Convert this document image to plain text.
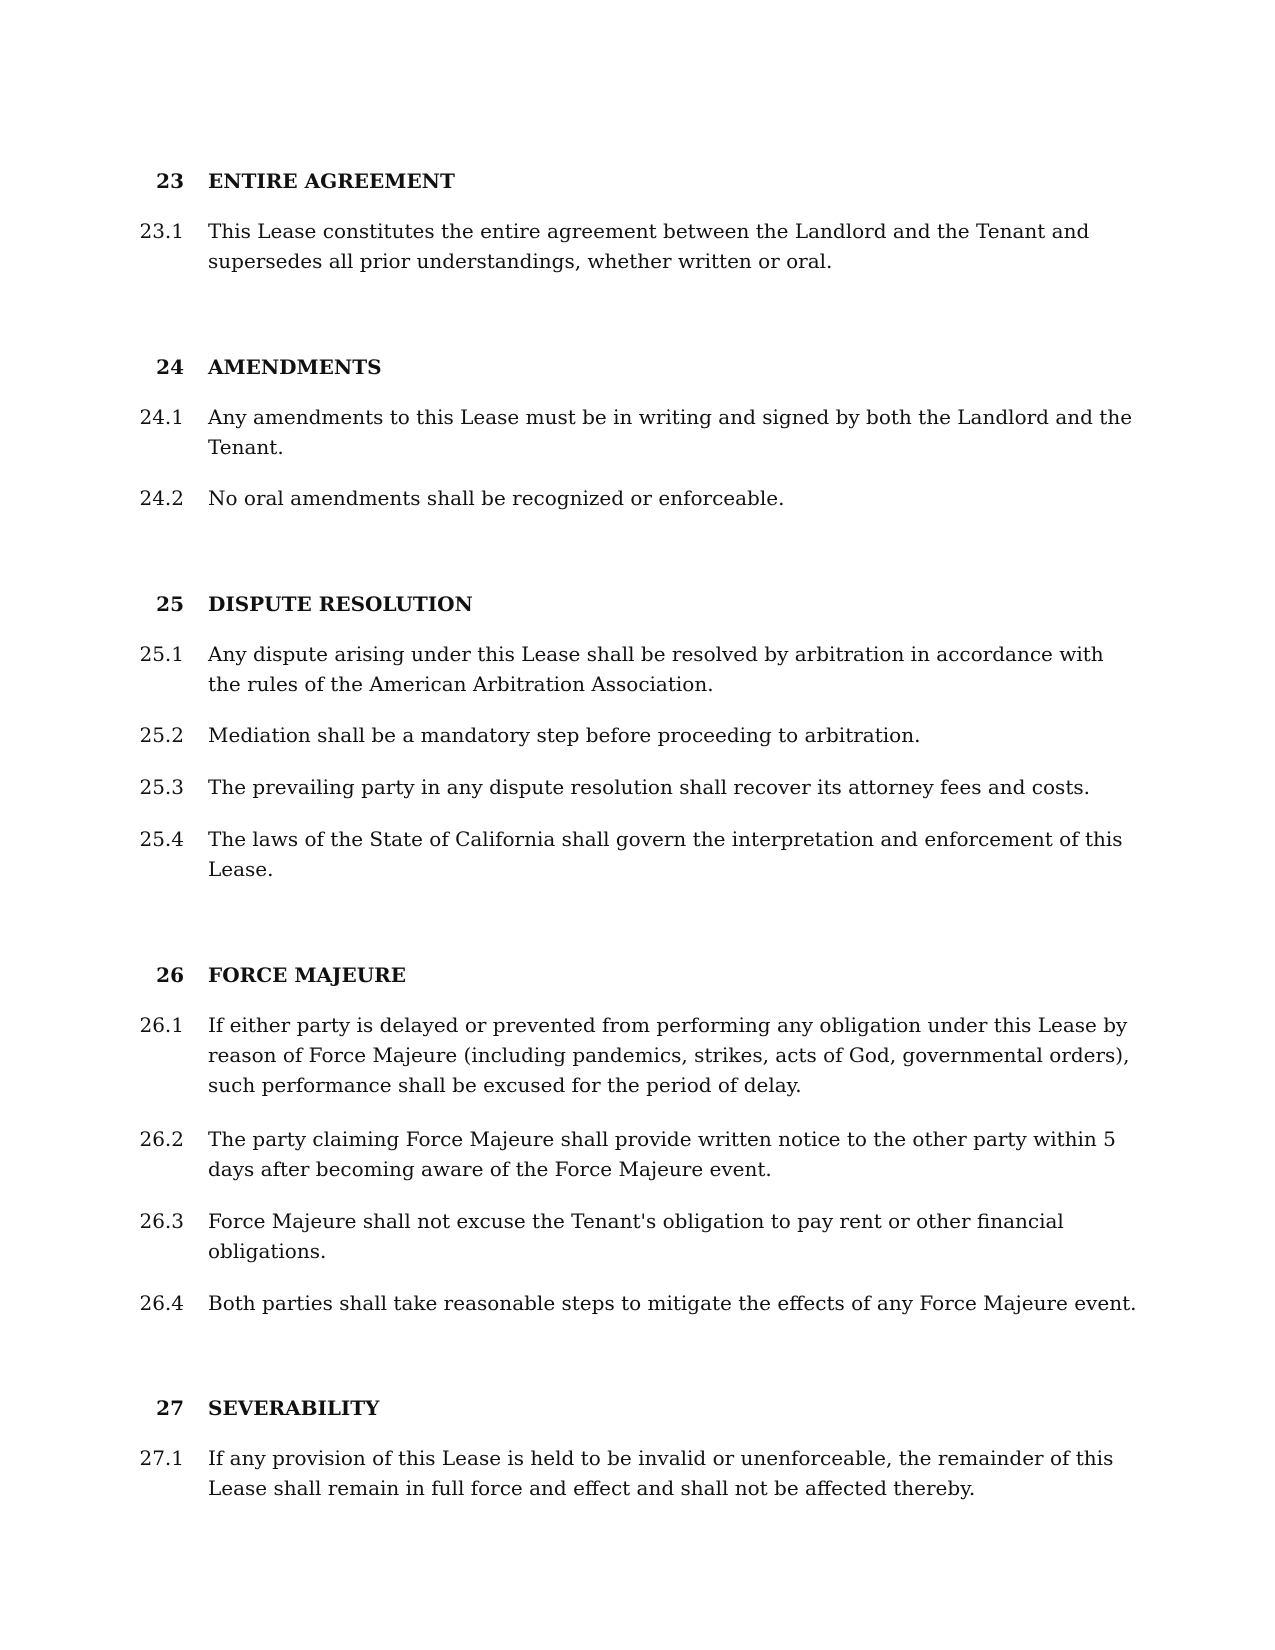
23 ENTIRE AGREEMENT
23.1 This Lease constitutes the entire agreement between the Landlord and the Tenant and supersedes all prior understandings, whether written or oral.
24 AMENDMENTS
24.1 Any amendments to this Lease must be in writing and signed by both the Landlord and the Tenant.
24.2 No oral amendments shall be recognized or enforceable.
25 DISPUTE RESOLUTION
25.1 Any dispute arising under this Lease shall be resolved by arbitration in accordance with the rules of the American Arbitration Association.
25.2 Mediation shall be a mandatory step before proceeding to arbitration.
25.3 The prevailing party in any dispute resolution shall recover its attorney fees and costs.
25.4 The laws of the State of California shall govern the interpretation and enforcement of this Lease.
26 FORCE MAJEURE
26.1 If either party is delayed or prevented from performing any obligation under this Lease by reason of Force Majeure (including pandemics, strikes, acts of God, governmental orders), such performance shall be excused for the period of delay.
26.2 The party claiming Force Majeure shall provide written notice to the other party within 5 days after becoming aware of the Force Majeure event.
26.3 Force Majeure shall not excuse the Tenant's obligation to pay rent or other financial obligations.
26.4 Both parties shall take reasonable steps to mitigate the effects of any Force Majeure event.
27 SEVERABILITY
27.1 If any provision of this Lease is held to be invalid or unenforceable, the remainder of this Lease shall remain in full force and effect and shall not be affected thereby.
